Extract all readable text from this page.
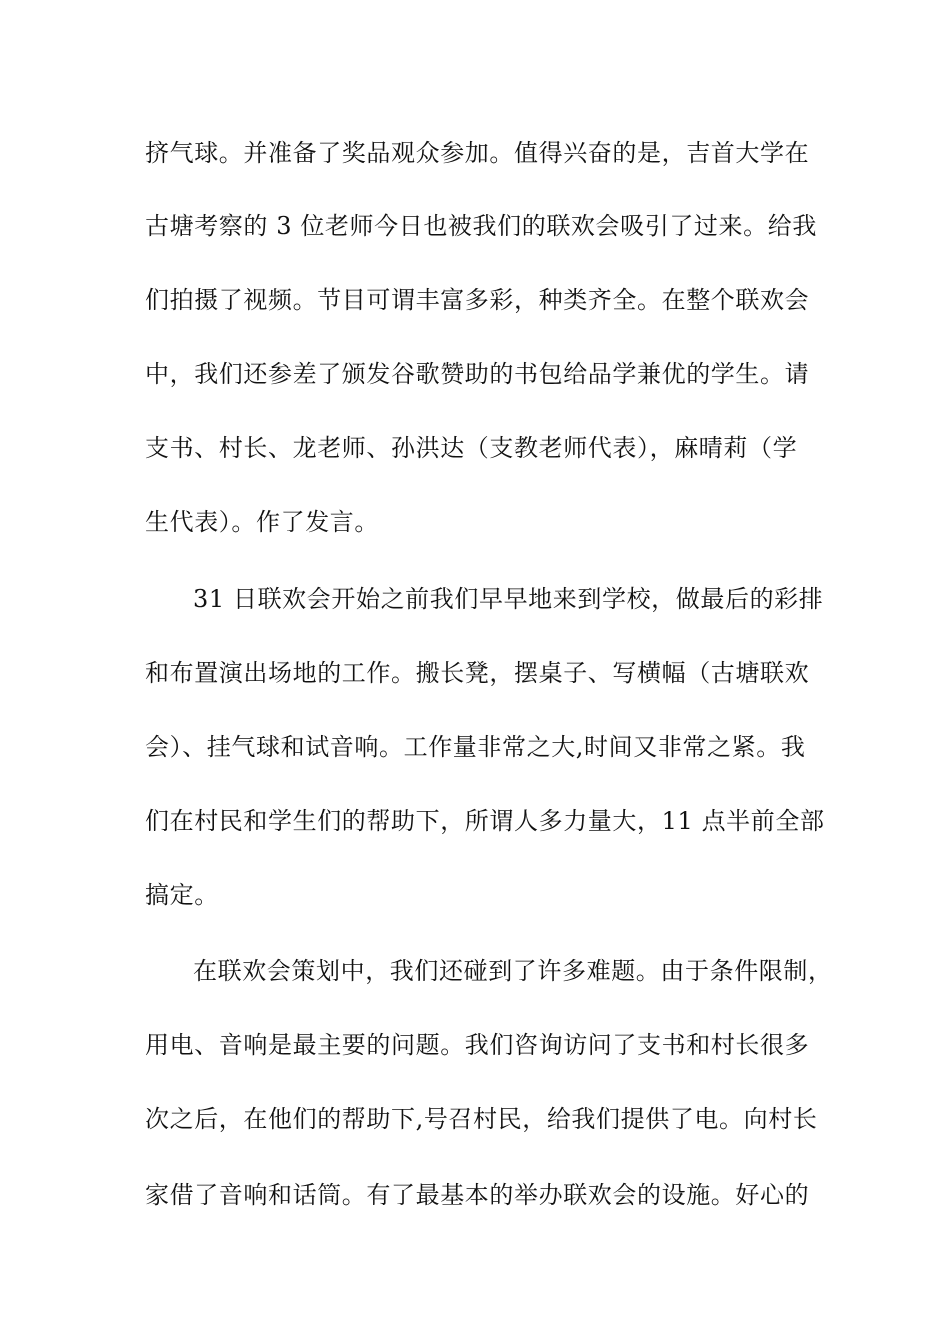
挤气球。并准备了奖品观众参加。值得兴奋的是，吉首大学在
古塘考察的 3 位老师今日也被我们的联欢会吸引了过来。给我
们拍摄了视频。节目可谓丰富多彩，种类齐全。在整个联欢会
中，我们还参差了颁发谷歌赞助的书包给品学兼优的学生。请
支书、村长、龙老师、孙洪达（支教老师代表），麻晴莉（学
生代表）。作了发言。
31 日联欢会开始之前我们早早地来到学校，做最后的彩排
和布置演出场地的工作。搬长凳，摆桌子、写横幅（古塘联欢
会）、挂气球和试音响。工作量非常之大,时间又非常之紧。我
们在村民和学生们的帮助下，所谓人多力量大，11 点半前全部
搞定。
在联欢会策划中，我们还碰到了许多难题。由于条件限制，
用电、音响是最主要的问题。我们咨询访问了支书和村长很多
次之后，在他们的帮助下,号召村民，给我们提供了电。向村长
家借了音响和话筒。有了最基本的举办联欢会的设施。好心的
